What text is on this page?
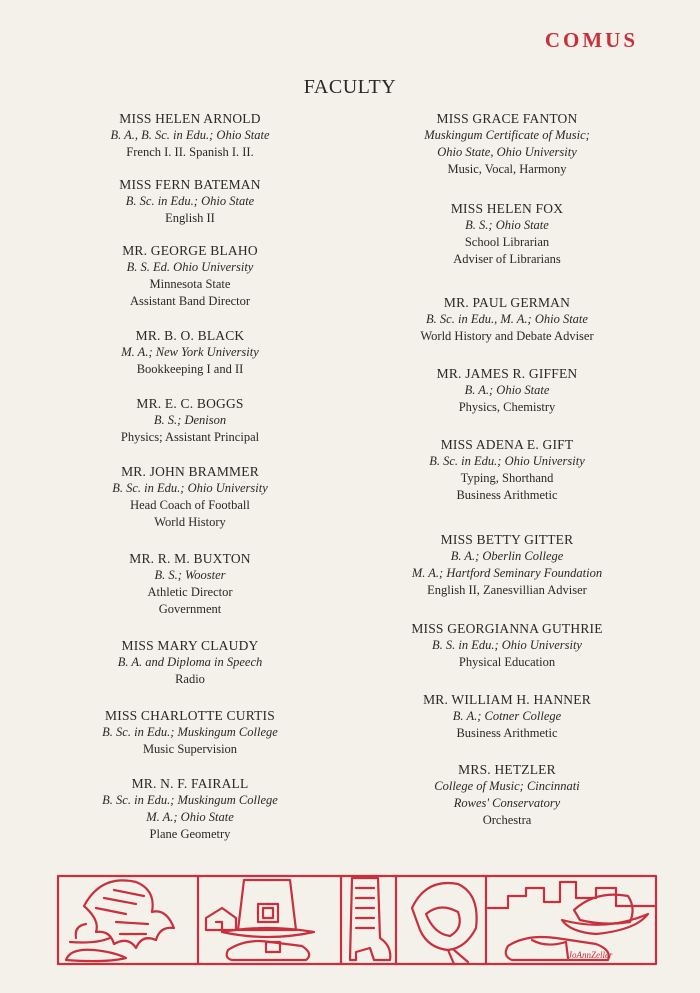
COMUS
FACULTY
MISS HELEN ARNOLD
B. A., B. Sc. in Edu.; Ohio State
French I. II. Spanish I. II.
MISS FERN BATEMAN
B. Sc. in Edu.; Ohio State
English II
MR. GEORGE BLAHO
B. S. Ed. Ohio University
Minnesota State
Assistant Band Director
MR. B. O. BLACK
M. A.; New York University
Bookkeeping I and II
MR. E. C. BOGGS
B. S.; Denison
Physics; Assistant Principal
MR. JOHN BRAMMER
B. Sc. in Edu.; Ohio University
Head Coach of Football
World History
MR. R. M. BUXTON
B. S.; Wooster
Athletic Director
Government
MISS MARY CLAUDY
B. A. and Diploma in Speech
Radio
MISS CHARLOTTE CURTIS
B. Sc. in Edu.; Muskingum College
Music Supervision
MR. N. F. FAIRALL
B. Sc. in Edu.; Muskingum College
M. A.; Ohio State
Plane Geometry
MISS GRACE FANTON
Muskingum Certificate of Music;
Ohio State, Ohio University
Music, Vocal, Harmony
MISS HELEN FOX
B. S.; Ohio State
School Librarian
Adviser of Librarians
MR. PAUL GERMAN
B. Sc. in Edu., M. A.; Ohio State
World History and Debate Adviser
MR. JAMES R. GIFFEN
B. A.; Ohio State
Physics, Chemistry
MISS ADENA E. GIFT
B. Sc. in Edu.; Ohio University
Typing, Shorthand
Business Arithmetic
MISS BETTY GITTER
B. A.; Oberlin College
M. A.; Hartford Seminary Foundation
English II, Zanesvillian Adviser
MISS GEORGIANNA GUTHRIE
B. S. in Edu.; Ohio University
Physical Education
MR. WILLIAM H. HANNER
B. A.; Cotner College
Business Arithmetic
MRS. HETZLER
College of Music; Cincinnati
Rowes' Conservatory
Orchestra
JoAnnZeller
